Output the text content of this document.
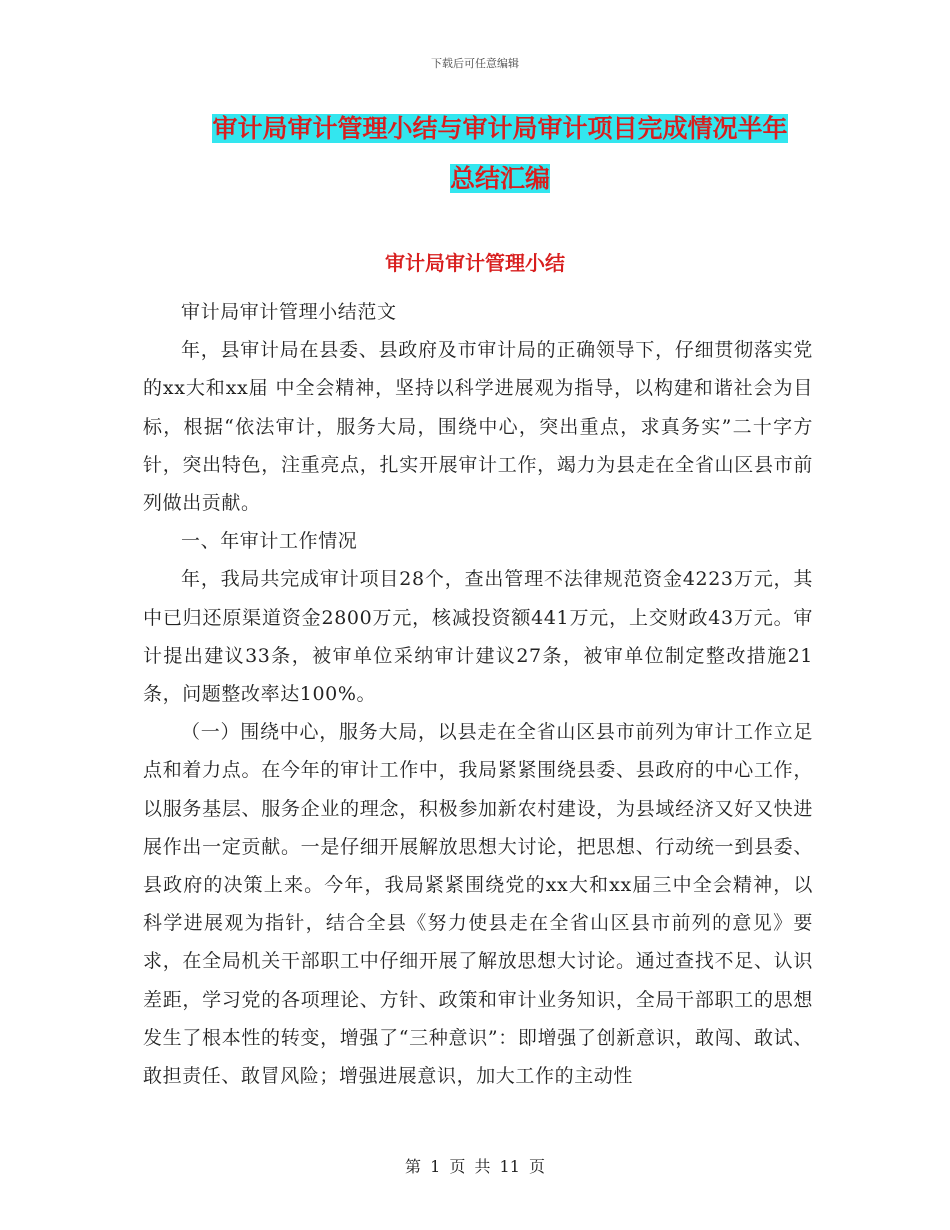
下载后可任意编辑
审计局审计管理小结与审计局审计项目完成情况半年
总结汇编
审计局审计管理小结

审计局审计管理小结范文

年，县审计局在县委、县政府及市审计局的正确领导下，仔细贯彻落实党的xx大和xx届 中全会精神，坚持以科学进展观为指导，以构建和谐社会为目标，根据“依法审计，服务大局，围绕中心，突出重点，求真务实”二十字方针，突出特色，注重亮点，扎实开展审计工作，竭力为县走在全省山区县市前列做出贡献。

一、年审计工作情况

年，我局共完成审计项目28个，查出管理不法律规范资金4223万元，其中已归还原渠道资金2800万元，核减投资额441万元，上交财政43万元。审计提出建议33条，被审单位采纳审计建议27条，被审单位制定整改措施21条，问题整改率达100%。

（一）围绕中心，服务大局，以县走在全省山区县市前列为审计工作立足点和着力点。在今年的审计工作中，我局紧紧围绕县委、县政府的中心工作，以服务基层、服务企业的理念，积极参加新农村建设，为县域经济又好又快进展作出一定贡献。一是仔细开展解放思想大讨论，把思想、行动统一到县委、县政府的决策上来。今年，我局紧紧围绕党的xx大和xx届三中全会精神，以科学进展观为指针，结合全县《努力使县走在全省山区县市前列的意见》要求，在全局机关干部职工中仔细开展了解放思想大讨论。通过查找不足、认识差距，学习党的各项理论、方针、政策和审计业务知识，全局干部职工的思想发生了根本性的转变，增强了“三种意识”：即增强了创新意识，敢闯、敢试、敢担责任、敢冒风险；增强进展意识，加大工作的主动性

第 1 页 共 11 页
